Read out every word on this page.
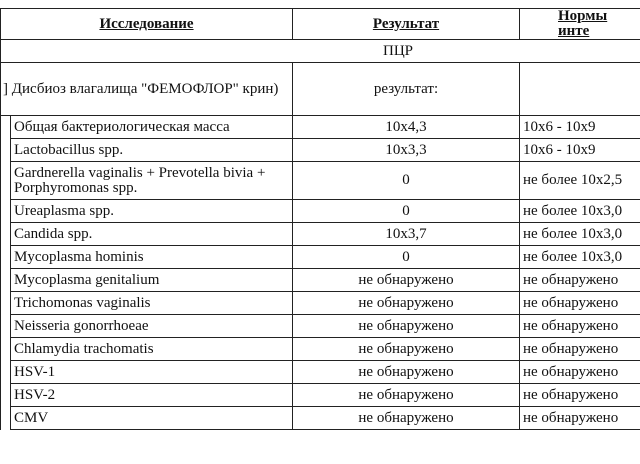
Исследование		Результат	Нормы инте
ПЦР			
] Дисбиоз влагалища "ФЕМОФЛОР" крин)		результат:	
	Общая бактериологическая масса	10x4,3	10x6 - 10x9
	Lactobacillus spp.	10x3,3	10x6 - 10x9
	Gardnerella vaginalis + Prevotella bivia + Porphyromonas spp.	0	не более 10x2,5
	Ureaplasma spp.	0	не более 10x3,0
	Candida spp.	10x3,7	не более 10x3,0
	Mycoplasma hominis	0	не более 10x3,0
	Mycoplasma genitalium	не обнаружено	не обнаружено
	Trichomonas vaginalis	не обнаружено	не обнаружено
	Neisseria gonorrhoeae	не обнаружено	не обнаружено
	Chlamydia trachomatis	не обнаружено	не обнаружено
	HSV-1	не обнаружено	не обнаружено
	HSV-2	не обнаружено	не обнаружено
	CMV	не обнаружено	не обнаружено
